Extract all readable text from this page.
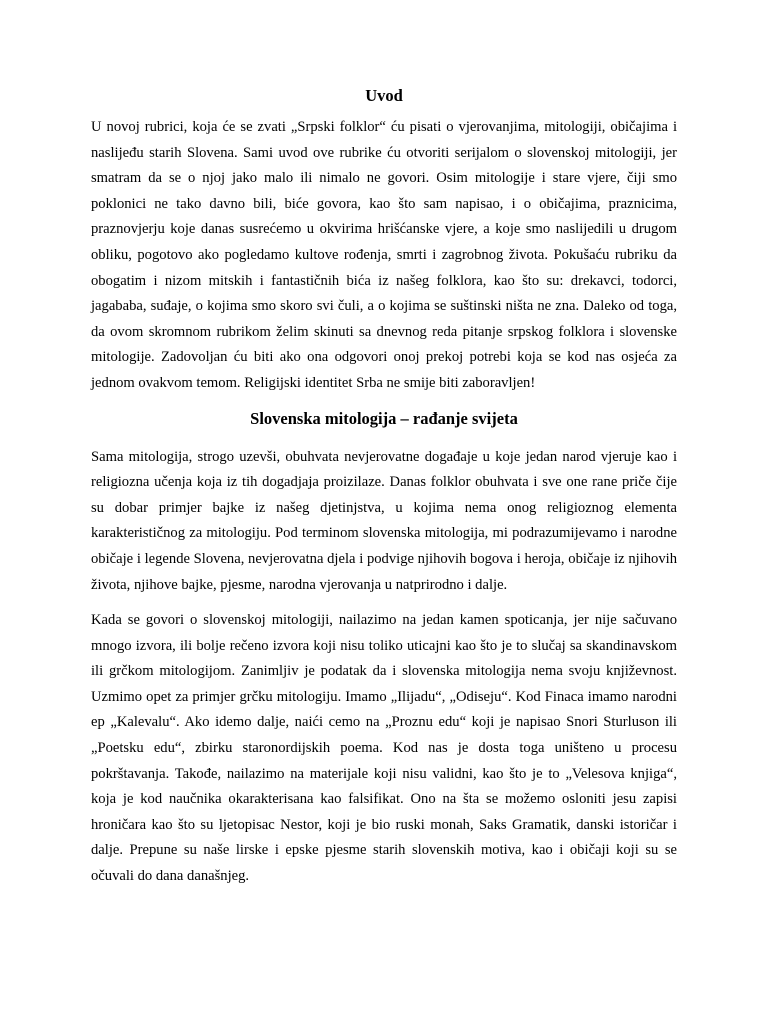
Uvod

U novoj rubrici, koja će se zvati „Srpski folklor“ ću pisati o vjerovanjima, mitologiji, običajima i naslijeđu starih Slovena. Sami uvod ove rubrike ću otvoriti serijalom o slovenskoj mitologiji, jer smatram da se o njoj jako malo ili nimalo ne govori. Osim mitologije i stare vjere, čiji smo poklonici ne tako davno bili, biće govora, kao što sam napisao, i o običajima, praznicima, praznovjerju koje danas susrećemo u okvirima hrišćanske vjere, a koje smo naslijedili u drugom obliku, pogotovo ako pogledamo kultove rođenja, smrti i zagrobnog života. Pokušaću rubriku da obogatim i nizom mitskih i fantastičnih bića iz našeg folklora, kao što su: drekavci, todorci, jagababa, suđaje, o kojima smo skoro svi čuli, a o kojima se suštinski ništa ne zna. Daleko od toga, da ovom skromnom rubrikom želim skinuti sa dnevnog reda pitanje srpskog folklora i slovenske mitologije. Zadovoljan ću biti ako ona odgovori onoj prekoj potrebi koja se kod nas osjeća za jednom ovakvom temom. Religijski identitet Srba ne smije biti zaboravljen!

Slovenska mitologija – rađanje svijeta

Sama mitologija, strogo uzevši, obuhvata nevjerovatne događaje u koje jedan narod vjeruje kao i religiozna učenja koja iz tih dogadjaja proizilaze. Danas folklor obuhvata i sve one rane priče čije su dobar primjer bajke iz našeg djetinjstva, u kojima nema onog religioznog elementa karakterističnog za mitologiju. Pod terminom slovenska mitologija, mi podrazumijevamo i narodne običaje i legende Slovena, nevjerovatna djela i podvige njihovih bogova i heroja, običaje iz njihovih života, njihove bajke, pjesme, narodna vjerovanja u natprirodno i dalje.

Kada se govori o slovenskoj mitologiji, nailazimo na jedan kamen spoticanja, jer nije sačuvano mnogo izvora, ili bolje rečeno izvora koji nisu toliko uticajni kao što je to slučaj sa skandinavskom ili grčkom mitologijom. Zanimljiv je podatak da i slovenska mitologija nema svoju književnost. Uzmimo opet za primjer grčku mitologiju. Imamo „Ilijadu“, „Odiseju“. Kod Finaca imamo narodni ep „Kalevalu“. Ako idemo dalje, naići cemo na „Proznu edu“ koji je napisao Snori Sturluson ili „Poetsku edu“, zbirku staronordijskih poema. Kod nas je dosta toga uništeno u procesu pokrštavanja. Takođe, nailazimo na materijale koji nisu validni, kao što je to „Velesova knjiga“, koja je kod naučnika okarakterisana kao falsifikat. Ono na šta se možemo osloniti jesu zapisi hroničara kao što su ljetopisac Nestor, koji je bio ruski monah, Saks Gramatik, danski istoričar i dalje. Prepune su naše lirske i epske pjesme starih slovenskih motiva, kao i običaji koji su se očuvali do dana današnjeg.
